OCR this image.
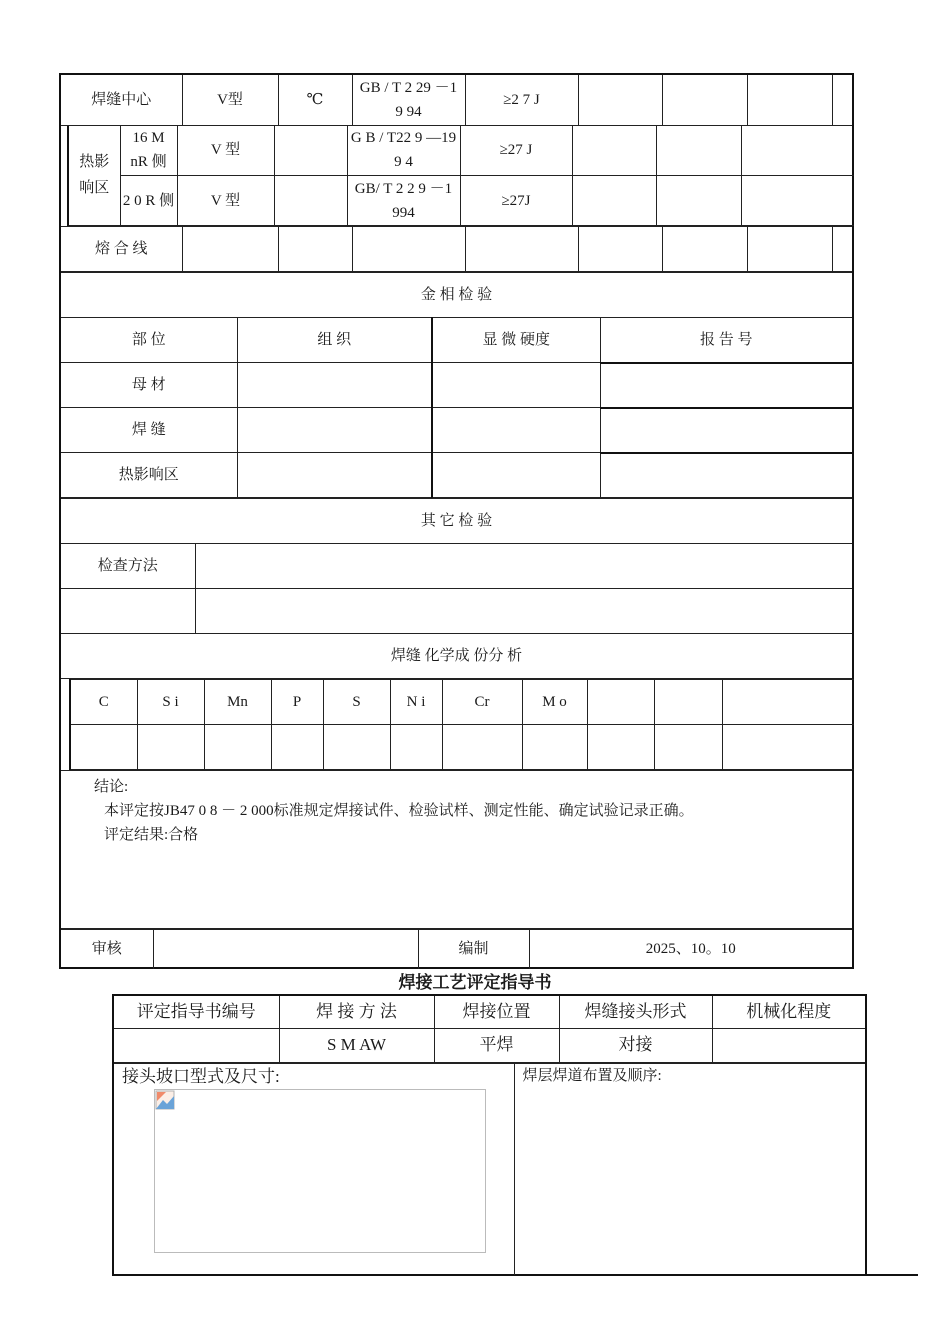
焊缝中心	V型	℃	GB / T 2 29 －1 9 94	≥2 7 J				
热影响区	16 M nR 侧	V 型		G B / T22 9 —19 9 4	≥27 J			
	2 0 R 侧	V 型		GB/ T 2 2 9 －1 994	≥27J			
熔 合 线								
金 相 检 验			
部 位	组 织	显 微 硬度	报 告 号
母 材			
焊 缝			
热影响区			
其 它 检 验	
检查方法	

焊缝 化学成 份分 析	
C	S i	Mn	P	S	N i	Cr	M o			

结论:
本评定按JB47 0 8 － 2 000标准规定焊接试件、检验试样、测定性能、确定试验记录正确。
评定结果:合格
审核		编制	2025、10。10
焊接工艺评定指导书
评定指导书编号	焊 接 方 法	焊接位置	焊缝接头形式	机械化程度
	S M AW	平焊	对接	
接头坡口型式及尺寸:	焊层焊道布置及顺序:
